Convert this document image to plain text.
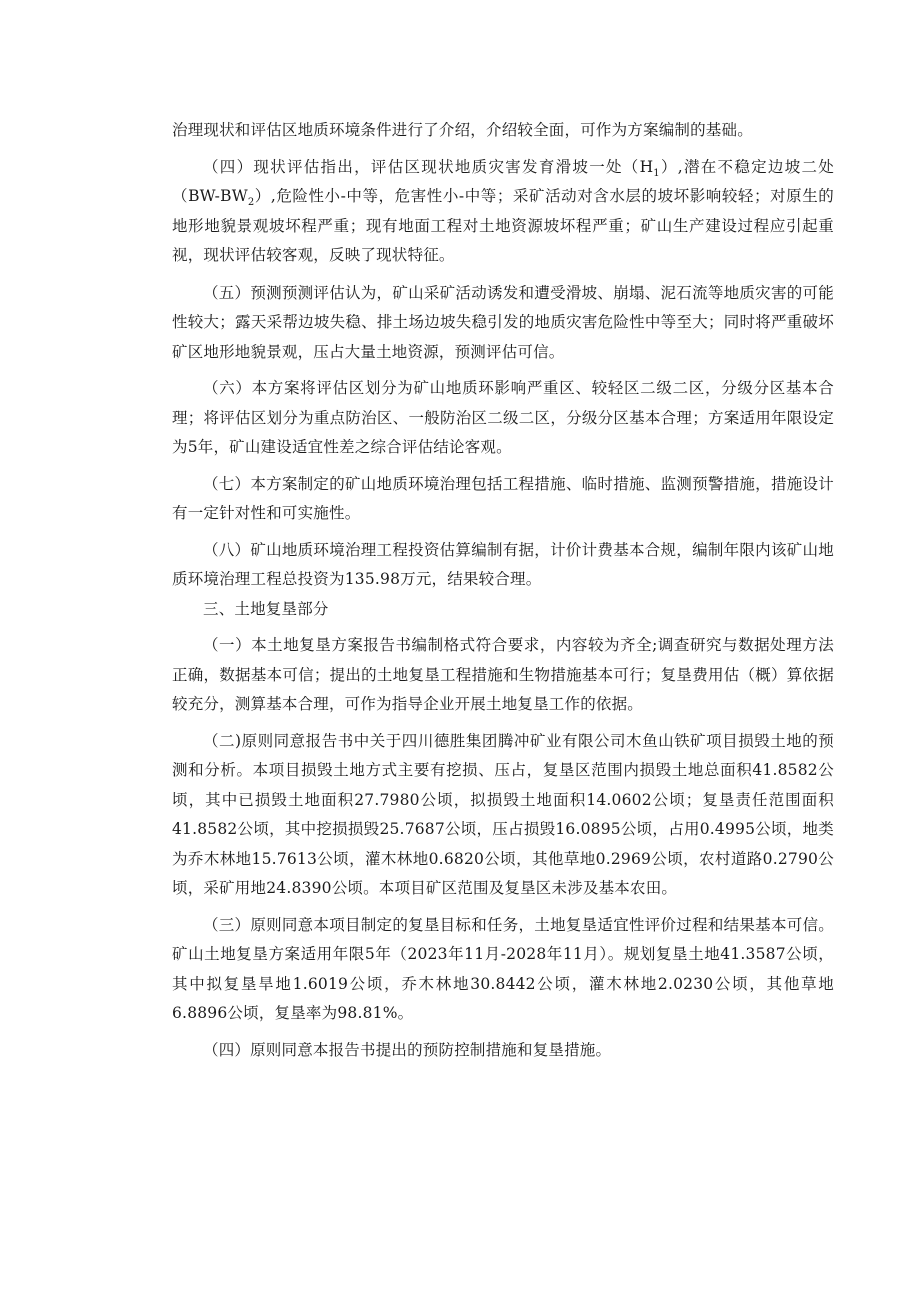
治理现状和评估区地质环境条件进行了介绍，介绍较全面，可作为方案编制的基础。

（四）现状评估指出，评估区现状地质灾害发育滑坡一处$(H_1)$,潜在不稳定边坡二处$(BW-BW_2)$,危险性小-中等，危害性小-中等；采矿活动对含水层的坡坏影响较轻；对原生的地形地貌景观坡坏程严重；现有地面工程对土地资源坡坏程严重；矿山生产建设过程应引起重视，现状评估较客观，反映了现状特征。

（五）预测预测评估认为，矿山采矿活动诱发和遭受滑坡、崩塌、泥石流等地质灾害的可能性较大；露天采帮边坡失稳、排土场边坡失稳引发的地质灾害危险性中等至大；同时将严重破坏矿区地形地貌景观，压占大量土地资源，预测评估可信。

（六）本方案将评估区划分为矿山地质环影响严重区、较轻区二级二区，分级分区基本合理；将评估区划分为重点防治区、一般防治区二级二区，分级分区基本合理；方案适用年限设定为5年，矿山建设适宜性差之综合评估结论客观。

（七）本方案制定的矿山地质环境治理包括工程措施、临时措施、监测预警措施，措施设计有一定针对性和可实施性。

（八）矿山地质环境治理工程投资估算编制有据，计价计费基本合规，编制年限内该矿山地质环境治理工程总投资为135.98万元，结果较合理。

三、土地复垦部分

（一）本土地复垦方案报告书编制格式符合要求，内容较为齐全;调查研究与数据处理方法正确，数据基本可信；提出的土地复垦工程措施和生物措施基本可行；复垦费用估（概）算依据较充分，测算基本合理，可作为指导企业开展土地复垦工作的依据。

（二)原则同意报告书中关于四川德胜集团腾冲矿业有限公司木鱼山铁矿项目损毁土地的预测和分析。本项目损毁土地方式主要有挖损、压占，复垦区范围内损毁土地总面积41.8582公顷，其中已损毁土地面积27.7980公顷，拟损毁土地面积14.0602公顷；复垦责任范围面积41.8582公顷，其中挖损损毁25.7687公顷，压占损毁16.0895公顷，占用0.4995公顷，地类为乔木林地15.7613公顷，灌木林地0.6820公顷，其他草地0.2969公顷，农村道路0.2790公顷，采矿用地24.8390公顷。本项目矿区范围及复垦区未涉及基本农田。

（三）原则同意本项目制定的复垦目标和任务，土地复垦适宜性评价过程和结果基本可信。矿山土地复垦方案适用年限5年（2023年11月-2028年11月）。规划复垦土地41.3587公顷，其中拟复垦旱地1.6019公顷，乔木林地30.8442公顷，灌木林地2.0230公顷，其他草地6.8896公顷，复垦率为98.81%。

（四）原则同意本报告书提出的预防控制措施和复垦措施。
